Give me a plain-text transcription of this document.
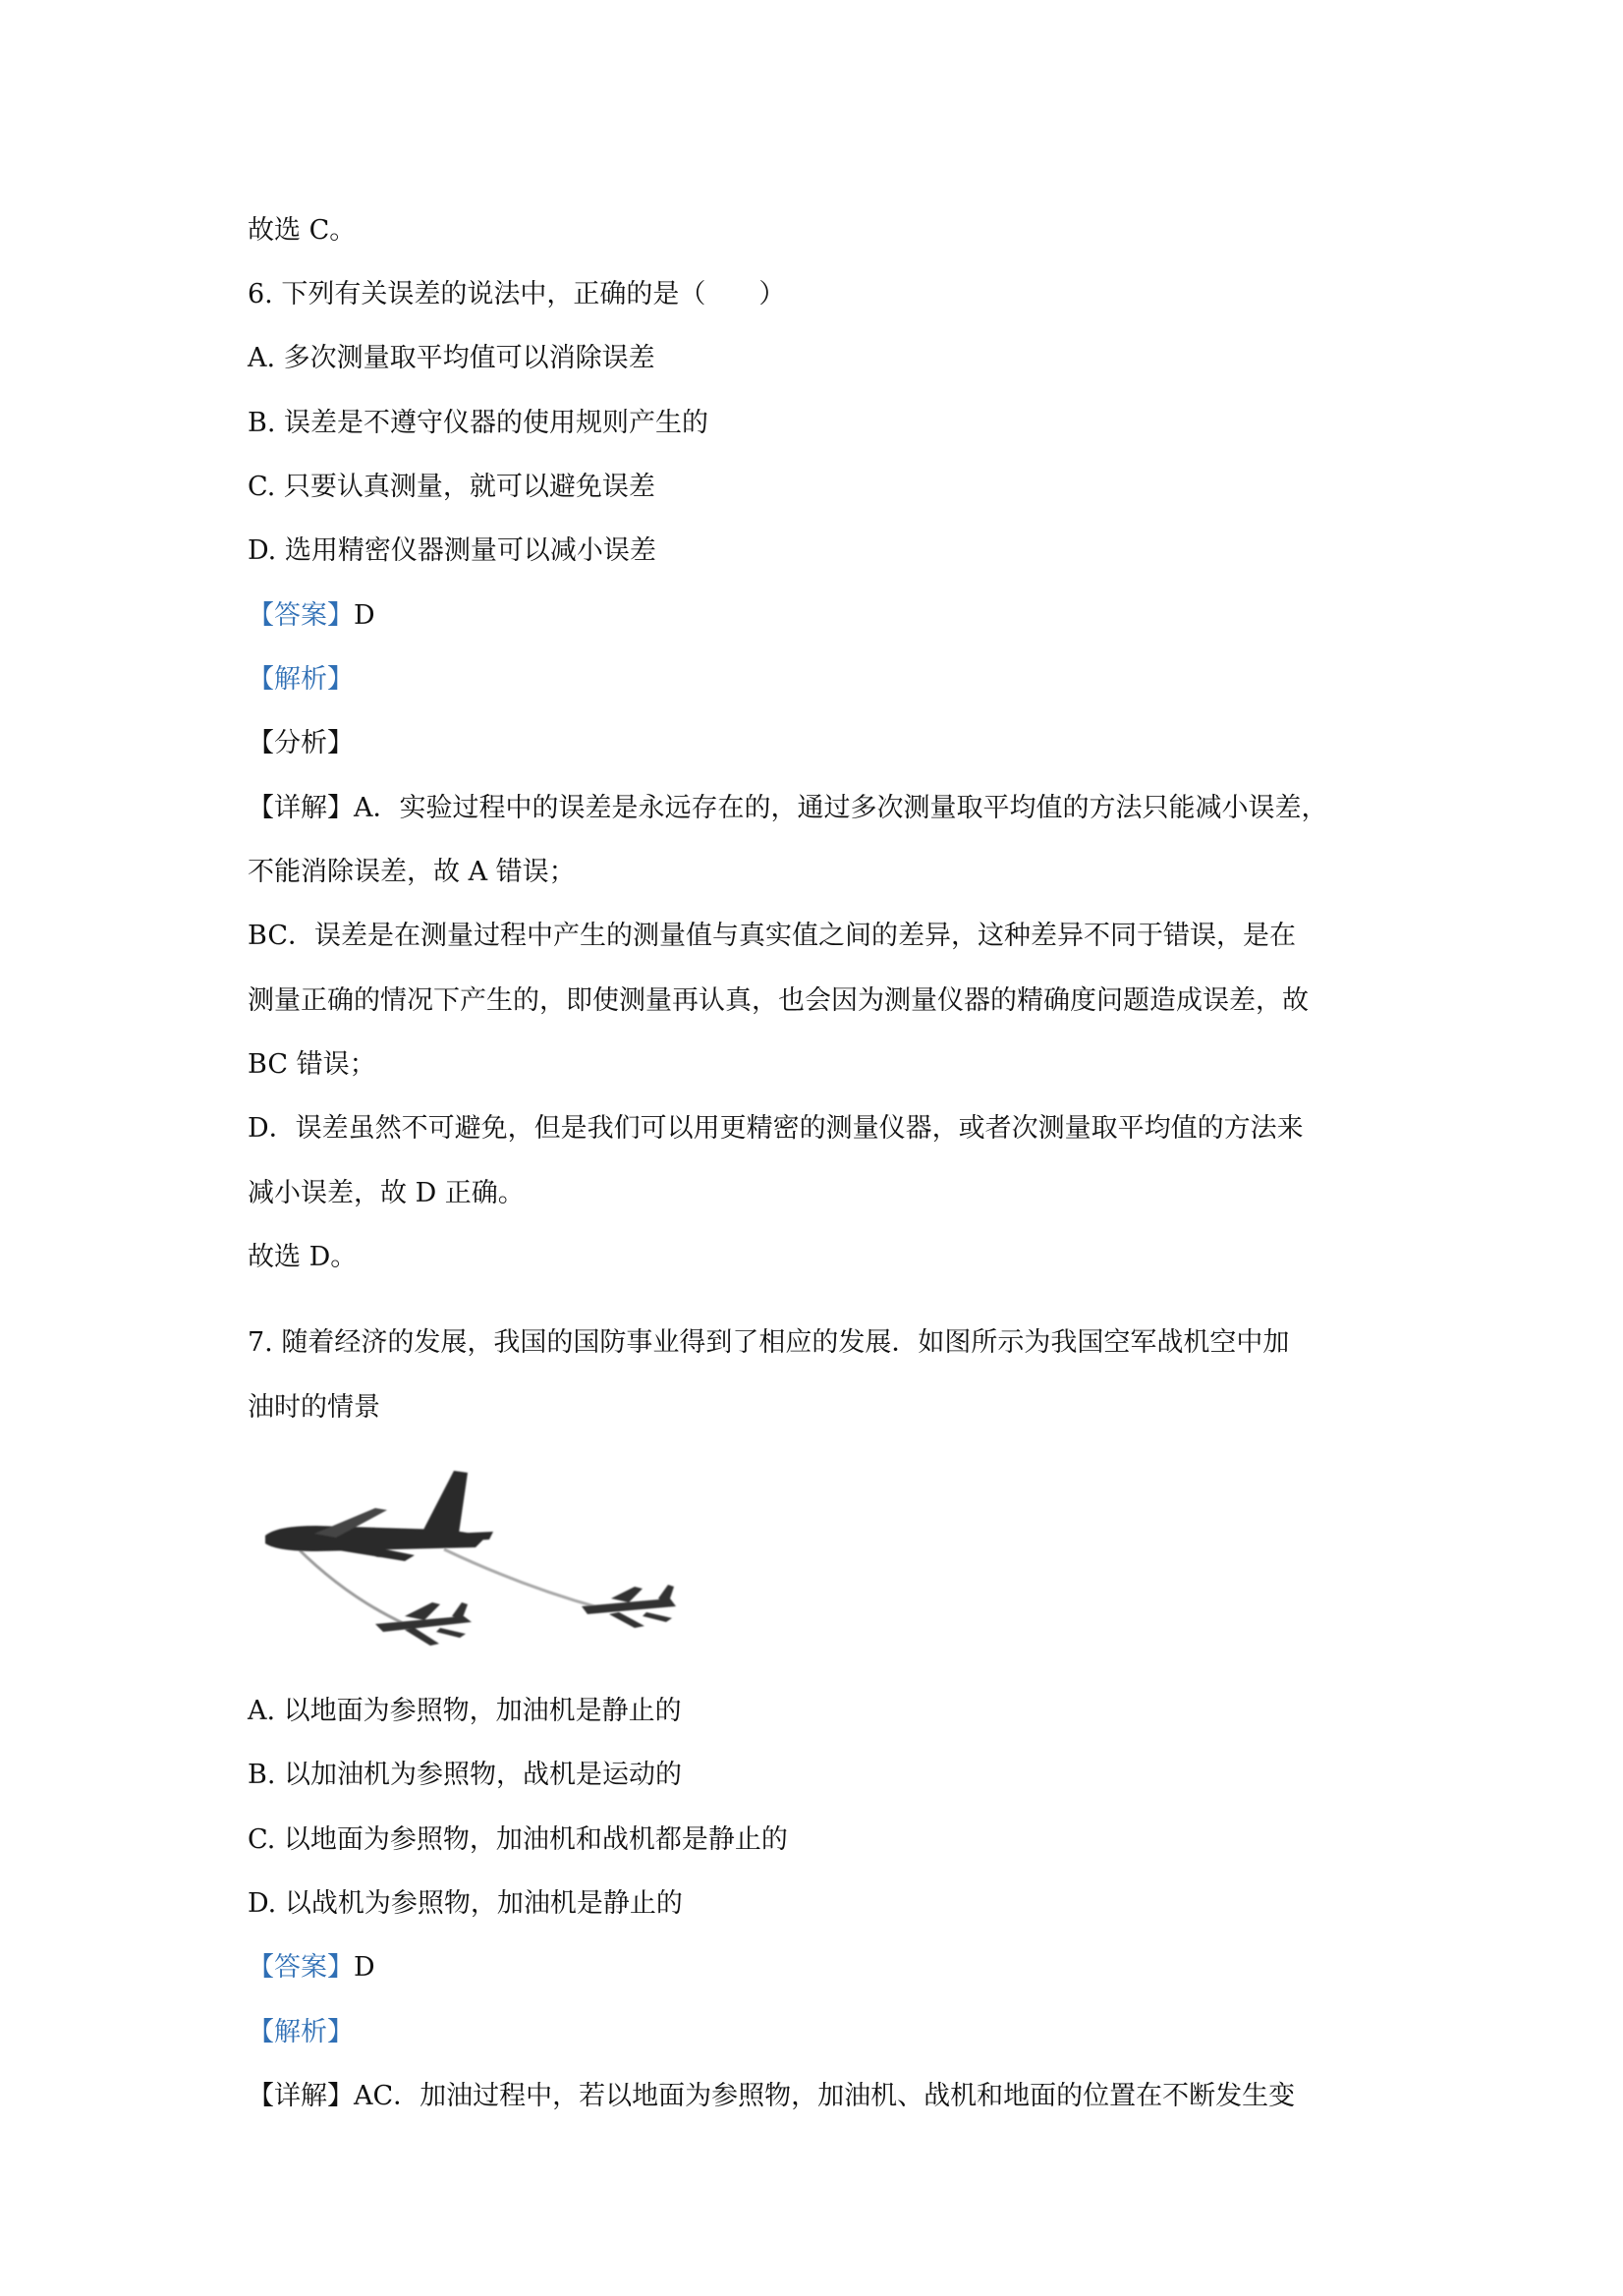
故选 C。
6. 下列有关误差的说法中，正确的是（　　）
A. 多次测量取平均值可以消除误差
B. 误差是不遵守仪器的使用规则产生的
C. 只要认真测量，就可以避免误差
D. 选用精密仪器测量可以减小误差
【答案】D
【解析】
【分析】
【详解】A．实验过程中的误差是永远存在的，通过多次测量取平均值的方法只能减小误差，
不能消除误差，故 A 错误；
BC．误差是在测量过程中产生的测量值与真实值之间的差异，这种差异不同于错误，是在
测量正确的情况下产生的，即使测量再认真，也会因为测量仪器的精确度问题造成误差，故
BC 错误；
D．误差虽然不可避免，但是我们可以用更精密的测量仪器，或者次测量取平均值的方法来
减小误差，故 D 正确。
故选 D。
7. 随着经济的发展，我国的国防事业得到了相应的发展．如图所示为我国空军战机空中加
油时的情景
A. 以地面为参照物，加油机是静止的
B. 以加油机为参照物，战机是运动的
C. 以地面为参照物，加油机和战机都是静止的
D. 以战机为参照物，加油机是静止的
【答案】D
【解析】
【详解】AC．加油过程中，若以地面为参照物，加油机、战机和地面的位置在不断发生变
